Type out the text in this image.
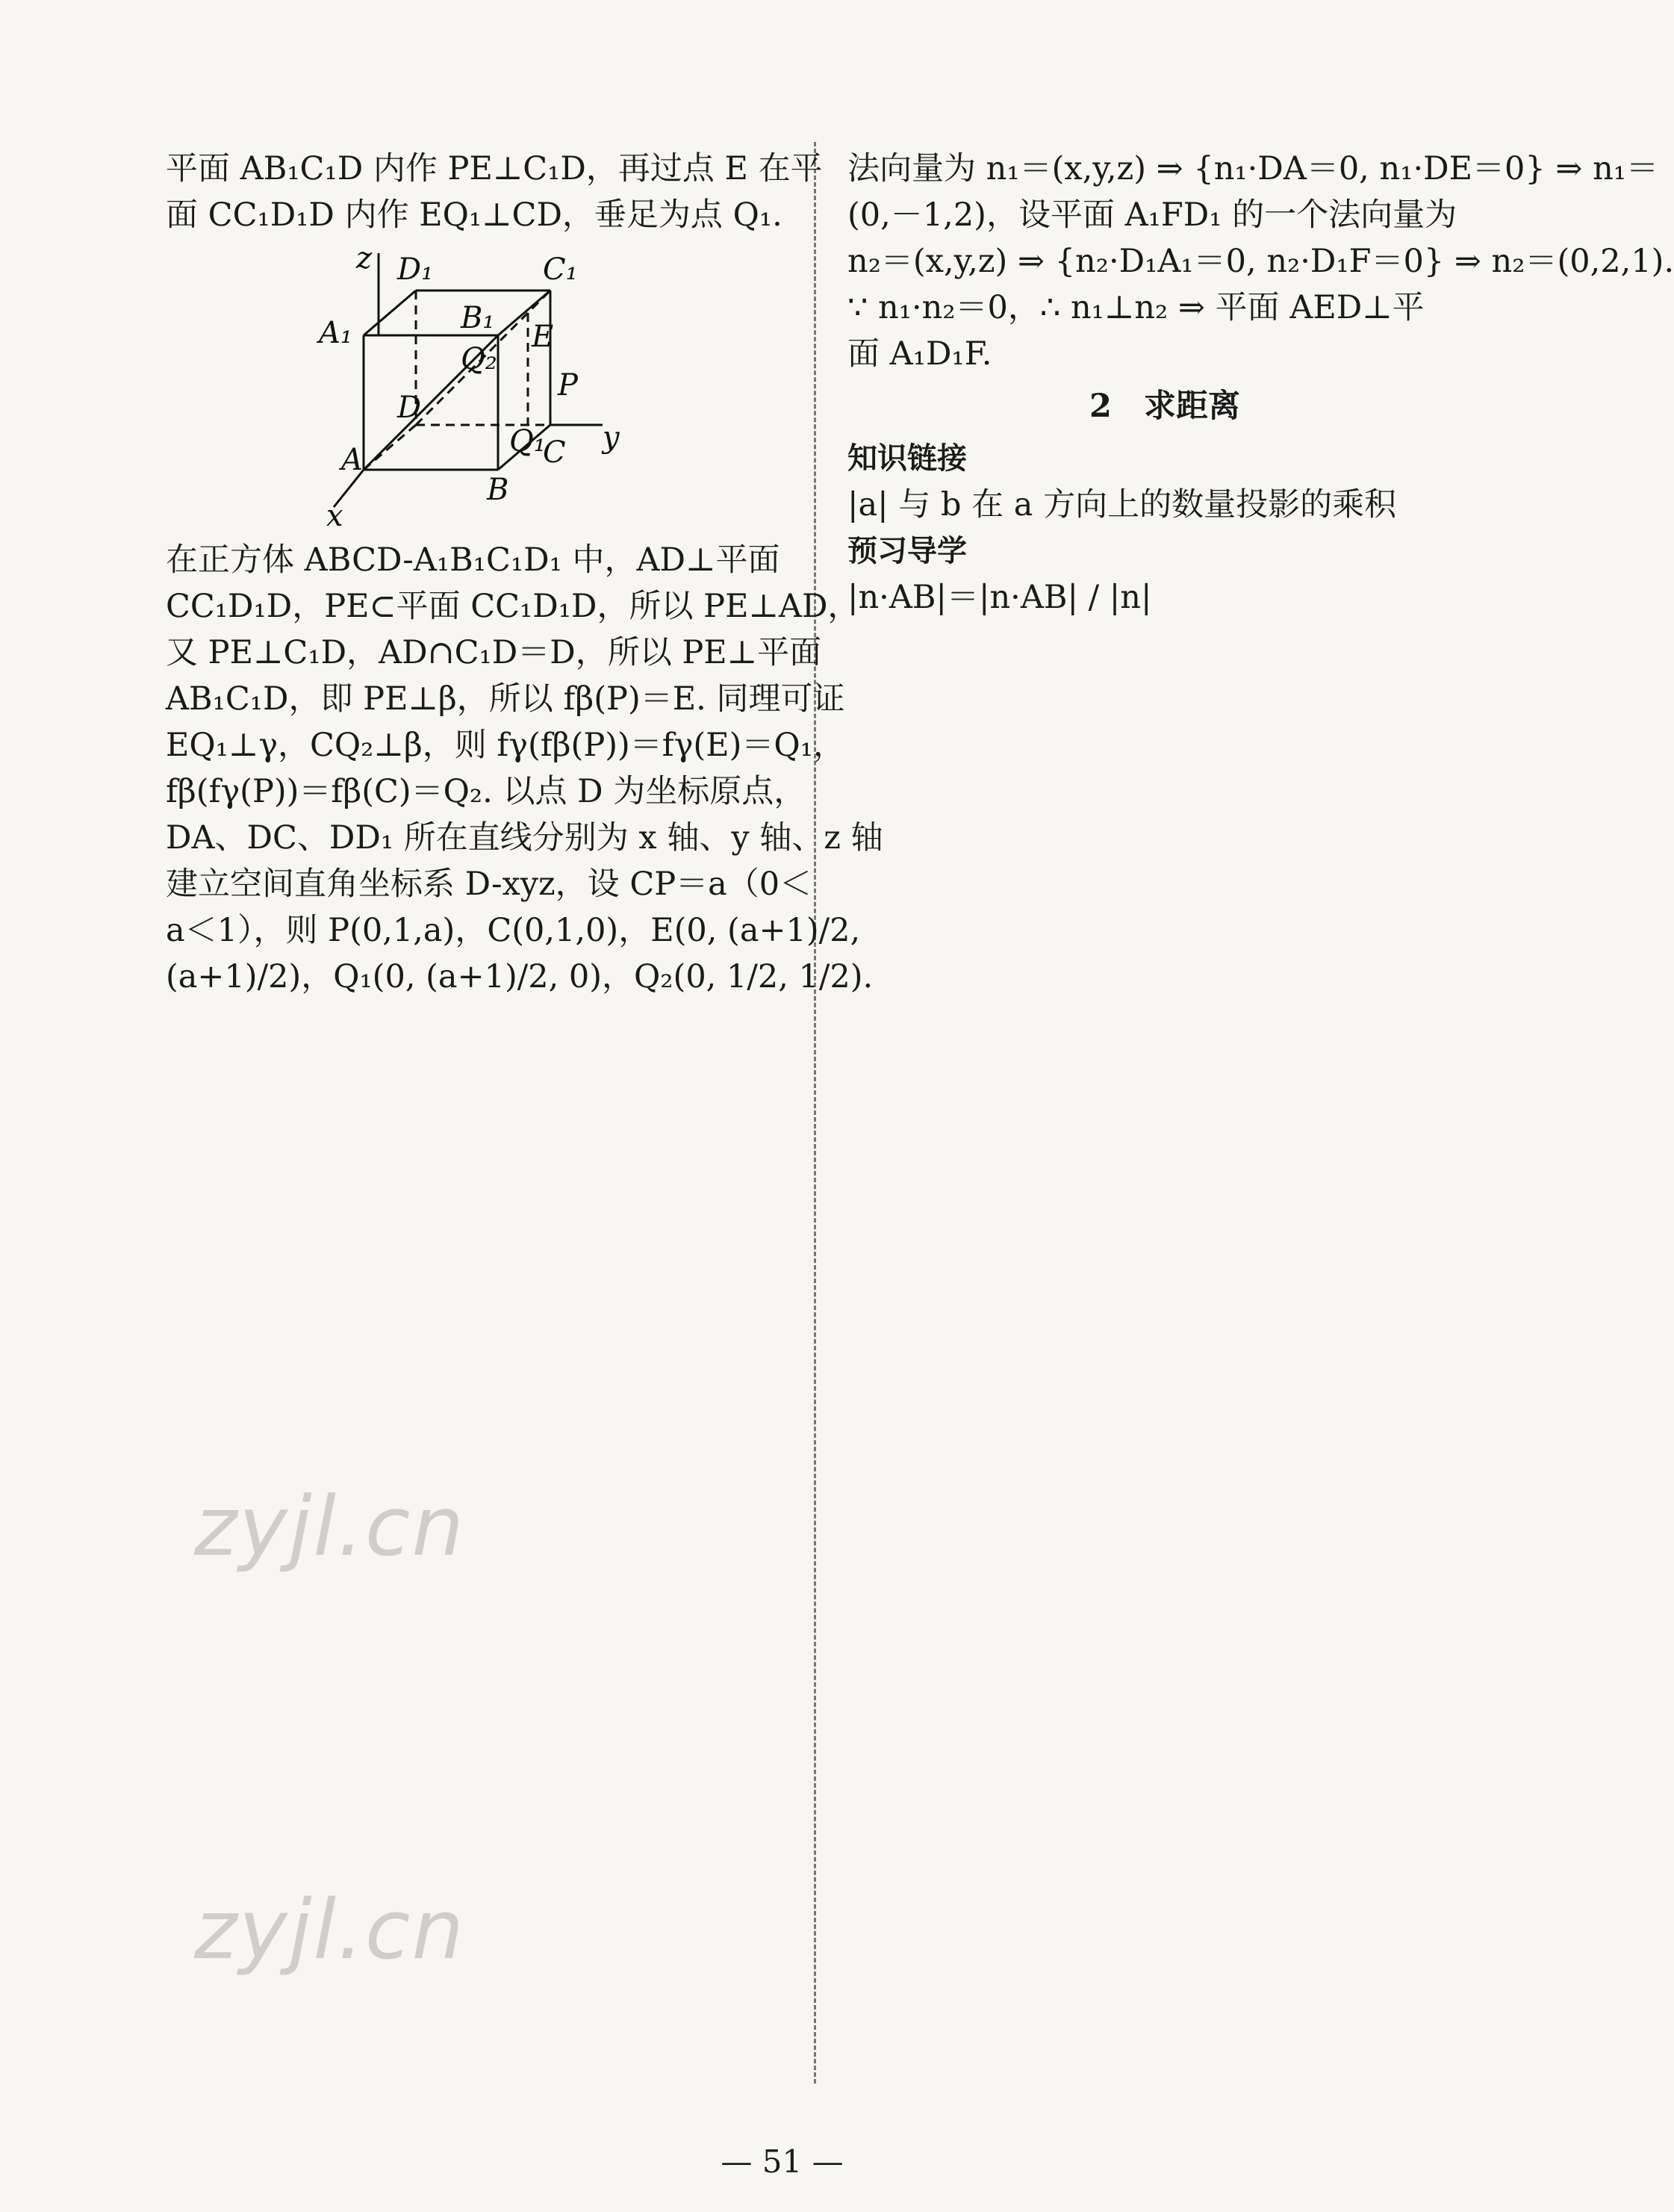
平面 AB₁C₁D 内作 PE⊥C₁D，再过点 E 在平
面 CC₁D₁D 内作 EQ₁⊥CD，垂足为点 Q₁.
z D₁	C₁
A₁	B₁
Q₂
E
P
D
Q₁
A
B
C y
x
在正方体 ABCD-A₁B₁C₁D₁ 中，AD⊥平面
CC₁D₁D，PE⊂平面 CC₁D₁D，所以 PE⊥AD，
又 PE⊥C₁D，AD∩C₁D＝D，所以 PE⊥平面
AB₁C₁D，即 PE⊥β，所以 fβ(P)＝E. 同理可证
EQ₁⊥γ，CQ₂⊥β，则 fγ(fβ(P))＝fγ(E)＝Q₁，
fβ(fγ(P))＝fβ(C)＝Q₂. 以点 D 为坐标原点，
DA、DC、DD₁ 所在直线分别为 x 轴、y 轴、z 轴
建立空间直角坐标系 D-xyz，设 CP＝a（0＜
a＜1），则 P(0,1,a)，C(0,1,0)，E(0, (a+1)/2,
(a+1)/2)，Q₁(0, (a+1)/2, 0)，Q₂(0, 1/2, 1/2).
法向量为 n₁＝(x,y,z) ⇒ {n₁·DA＝0, n₁·DE＝0} ⇒ n₁＝
(0,－1,2)，设平面 A₁FD₁ 的一个法向量为
n₂＝(x,y,z) ⇒ {n₂·D₁A₁＝0, n₂·D₁F＝0} ⇒ n₂＝(0,2,1).
∵ n₁·n₂＝0，∴ n₁⊥n₂ ⇒ 平面 AED⊥平
面 A₁D₁F.
2　求距离
知识链接
|a| 与 b 在 a 方向上的数量投影的乘积
预习导学
|n·AB|＝|n·AB| / |n|
zyjl.cn
zyjl.cn
— 51 —
